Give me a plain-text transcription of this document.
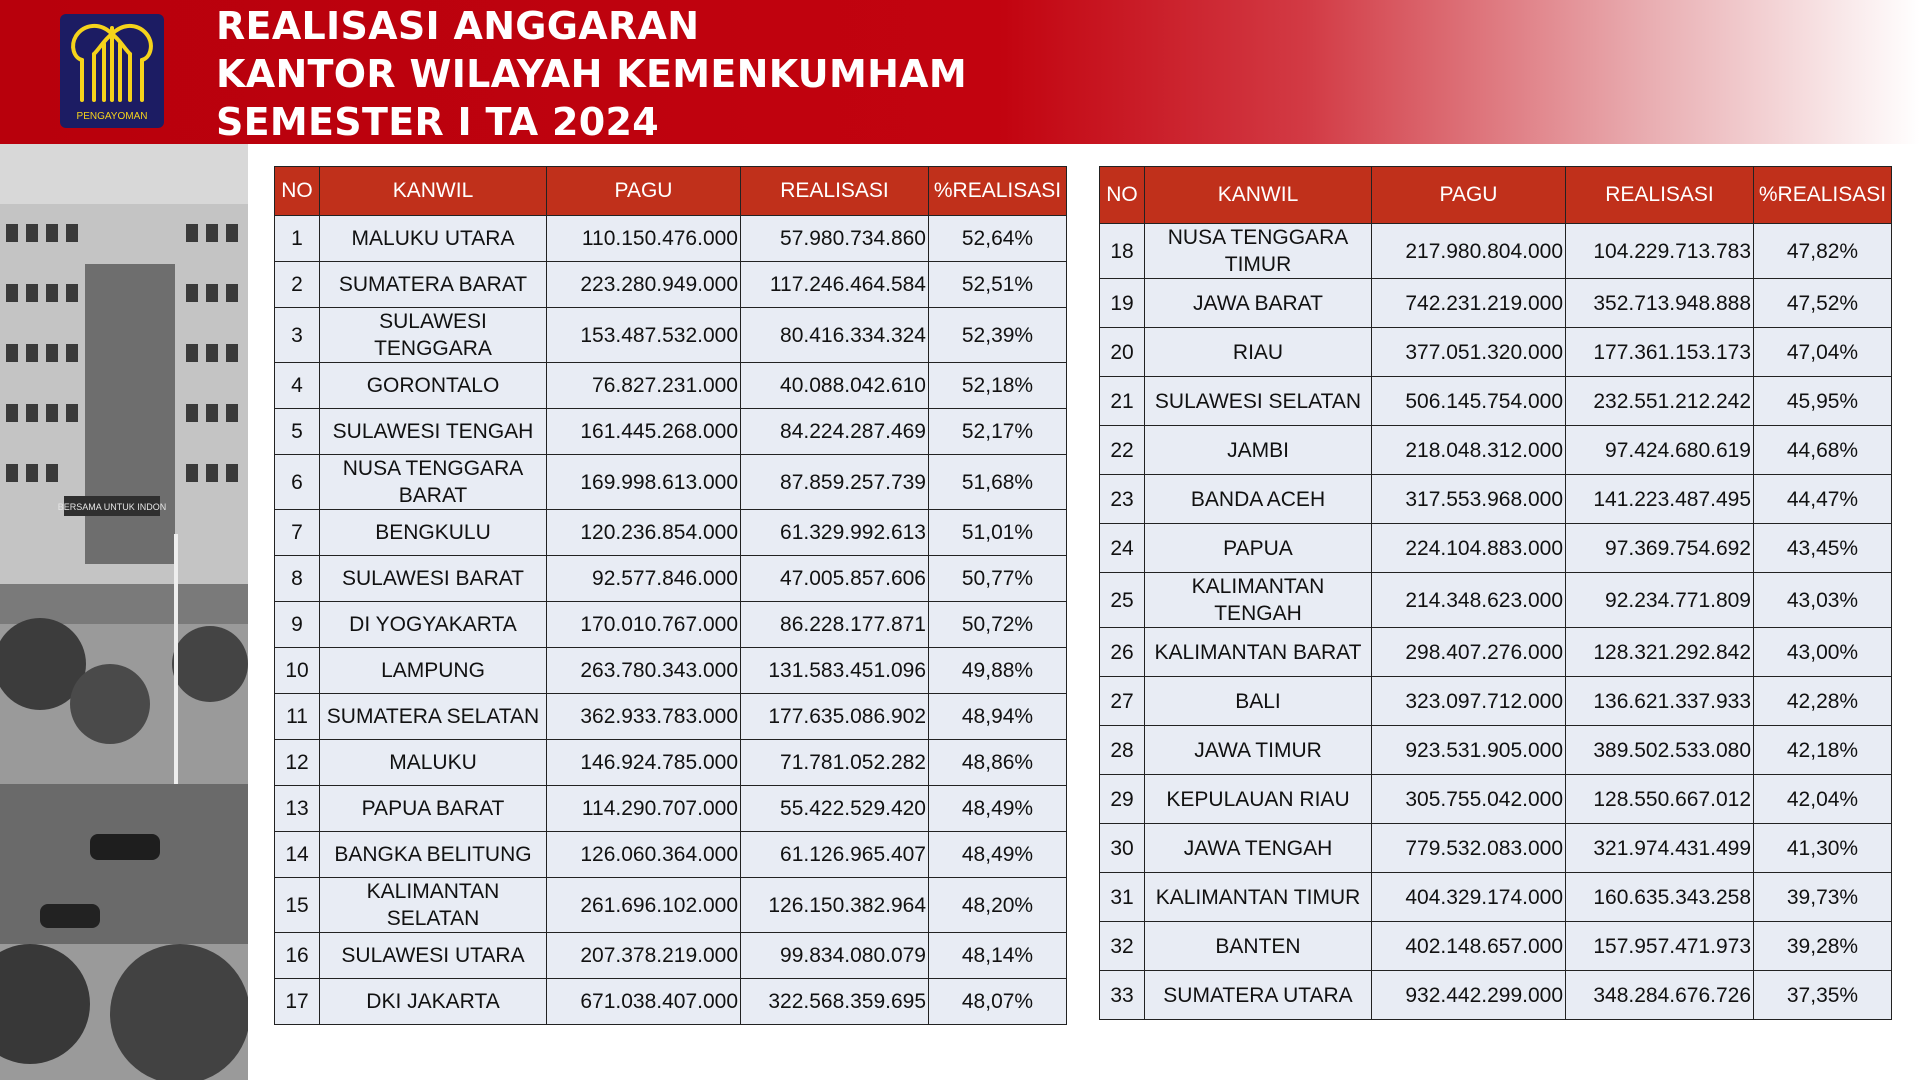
PENGAYOMAN
REALISASI ANGGARAN
KANTOR WILAYAH KEMENKUMHAM
SEMESTER I TA 2024
BERSAMA UNTUK INDON
NO	KANWIL	PAGU	REALISASI	%REALISASI
1	MALUKU UTARA	110.150.476.000	57.980.734.860	52,64%
2	SUMATERA BARAT	223.280.949.000	117.246.464.584	52,51%
3	SULAWESI TENGGARA	153.487.532.000	80.416.334.324	52,39%
4	GORONTALO	76.827.231.000	40.088.042.610	52,18%
5	SULAWESI TENGAH	161.445.268.000	84.224.287.469	52,17%
6	NUSA TENGGARA BARAT	169.998.613.000	87.859.257.739	51,68%
7	BENGKULU	120.236.854.000	61.329.992.613	51,01%
8	SULAWESI BARAT	92.577.846.000	47.005.857.606	50,77%
9	DI YOGYAKARTA	170.010.767.000	86.228.177.871	50,72%
10	LAMPUNG	263.780.343.000	131.583.451.096	49,88%
11	SUMATERA SELATAN	362.933.783.000	177.635.086.902	48,94%
12	MALUKU	146.924.785.000	71.781.052.282	48,86%
13	PAPUA BARAT	114.290.707.000	55.422.529.420	48,49%
14	BANGKA BELITUNG	126.060.364.000	61.126.965.407	48,49%
15	KALIMANTAN SELATAN	261.696.102.000	126.150.382.964	48,20%
16	SULAWESI UTARA	207.378.219.000	99.834.080.079	48,14%
17	DKI JAKARTA	671.038.407.000	322.568.359.695	48,07%
NO	KANWIL	PAGU	REALISASI	%REALISASI
18	NUSA TENGGARA TIMUR	217.980.804.000	104.229.713.783	47,82%
19	JAWA BARAT	742.231.219.000	352.713.948.888	47,52%
20	RIAU	377.051.320.000	177.361.153.173	47,04%
21	SULAWESI SELATAN	506.145.754.000	232.551.212.242	45,95%
22	JAMBI	218.048.312.000	97.424.680.619	44,68%
23	BANDA ACEH	317.553.968.000	141.223.487.495	44,47%
24	PAPUA	224.104.883.000	97.369.754.692	43,45%
25	KALIMANTAN TENGAH	214.348.623.000	92.234.771.809	43,03%
26	KALIMANTAN BARAT	298.407.276.000	128.321.292.842	43,00%
27	BALI	323.097.712.000	136.621.337.933	42,28%
28	JAWA TIMUR	923.531.905.000	389.502.533.080	42,18%
29	KEPULAUAN RIAU	305.755.042.000	128.550.667.012	42,04%
30	JAWA TENGAH	779.532.083.000	321.974.431.499	41,30%
31	KALIMANTAN TIMUR	404.329.174.000	160.635.343.258	39,73%
32	BANTEN	402.148.657.000	157.957.471.973	39,28%
33	SUMATERA UTARA	932.442.299.000	348.284.676.726	37,35%
